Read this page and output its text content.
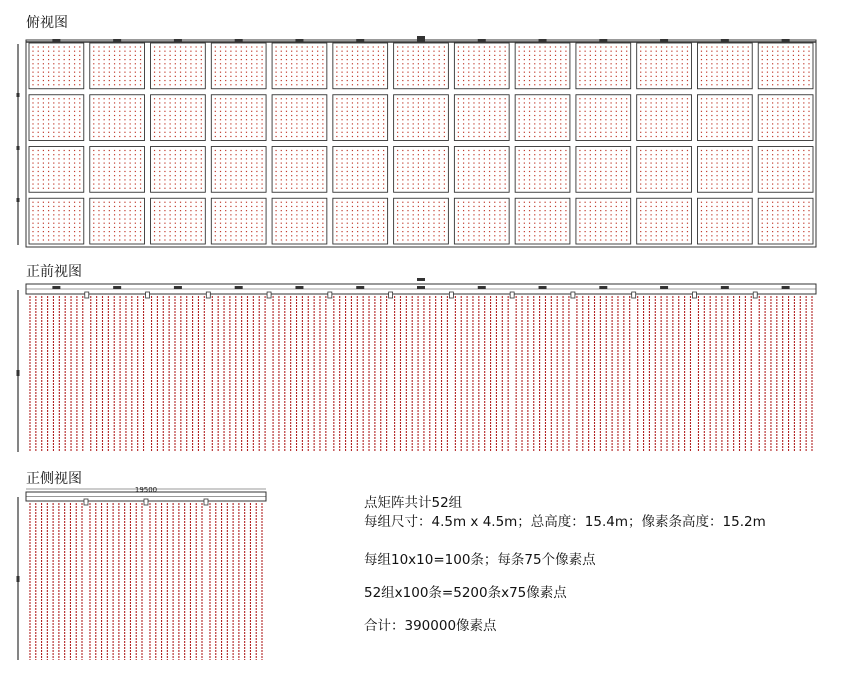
19500
俯视图
正前视图
正侧视图

点矩阵共计52组

每组尺寸：4.5m x 4.5m；总高度：15.4m；像素条高度：15.2m

每组10x10=100条；每条75个像素点

52组x100条=5200条x75像素点

合计：390000像素点
